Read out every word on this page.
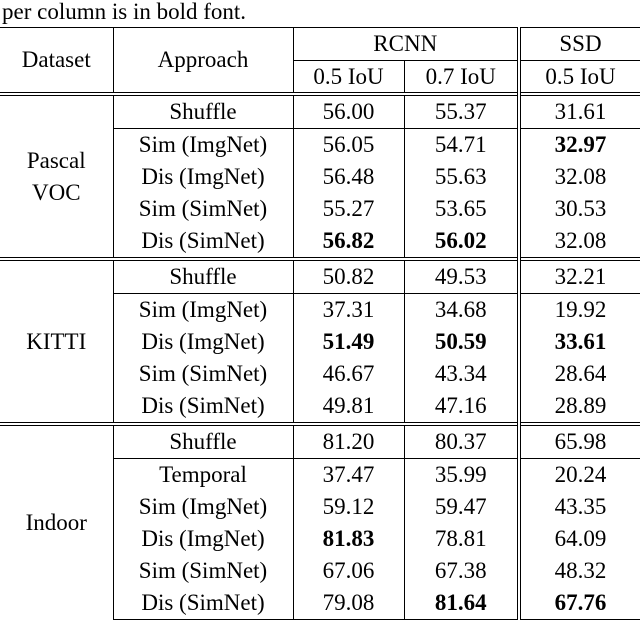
per column is in bold font.
Dataset	Approach	RCNN		SSD
		0.5 IoU	0.7 IoU	0.5 IoU
Pascal VOC	Shuffle	56.00	55.37	31.61
	Sim (ImgNet)	56.05	54.71	32.97
	Dis (ImgNet)	56.48	55.63	32.08
	Sim (SimNet)	55.27	53.65	30.53
	Dis (SimNet)	56.82	56.02	32.08
KITTI	Shuffle	50.82	49.53	32.21
	Sim (ImgNet)	37.31	34.68	19.92
	Dis (ImgNet)	51.49	50.59	33.61
	Sim (SimNet)	46.67	43.34	28.64
	Dis (SimNet)	49.81	47.16	28.89
Indoor	Shuffle	81.20	80.37	65.98
	Temporal	37.47	35.99	20.24
	Sim (ImgNet)	59.12	59.47	43.35
	Dis (ImgNet)	81.83	78.81	64.09
	Sim (SimNet)	67.06	67.38	48.32
	Dis (SimNet)	79.08	81.64	67.76
